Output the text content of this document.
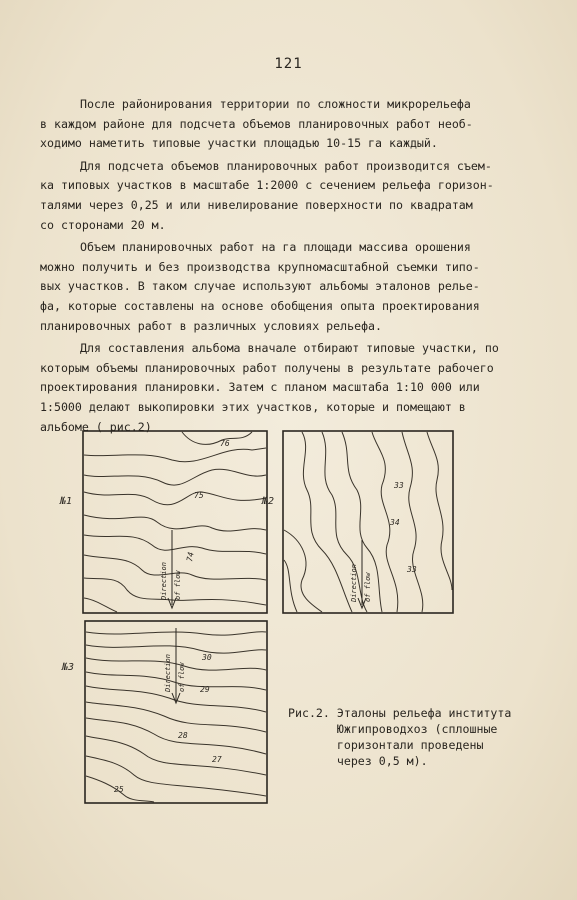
121

После районирования территории по сложности микрорельефа
в каждом районе для подсчета объемов планировочных работ необ-
ходимо наметить типовые участки площадью 10-15 га каждый.

Для подсчета объемов планировочных работ производится съем-
ка типовых участков в масштабе 1:2000 с сечением рельефа горизон-
талями через 0,25 и или нивелирование поверхности по квадратам
со сторонами 20 м.

Объем планировочных работ на га площади массива орошения
можно получить и без производства крупномасштабной съемки типо-
вых участков. В таком случае используют альбомы эталонов релье-
фа, которые составлены на основе обобщения опыта проектирования
планировочных работ в различных условиях рельефа.

Для составления альбома вначале отбирают типовые участки, по
которым объемы планировочных работ получены в результате рабочего
проектирования планировки. Затем с планом масштаба 1:10 000 или
1:5000 делают выкопировки этих участков, которые и помещают в
альбоме ( рис.2)

№1
76
75
74
Direction of flow
№2
33
34
33
Direction of flow
№3
30
29
28
27
25
Direction of flow
Рис.2. Эталоны рельефа института
Южгипроводхоз (сплошные
горизонтали проведены
через 0,5 м).
